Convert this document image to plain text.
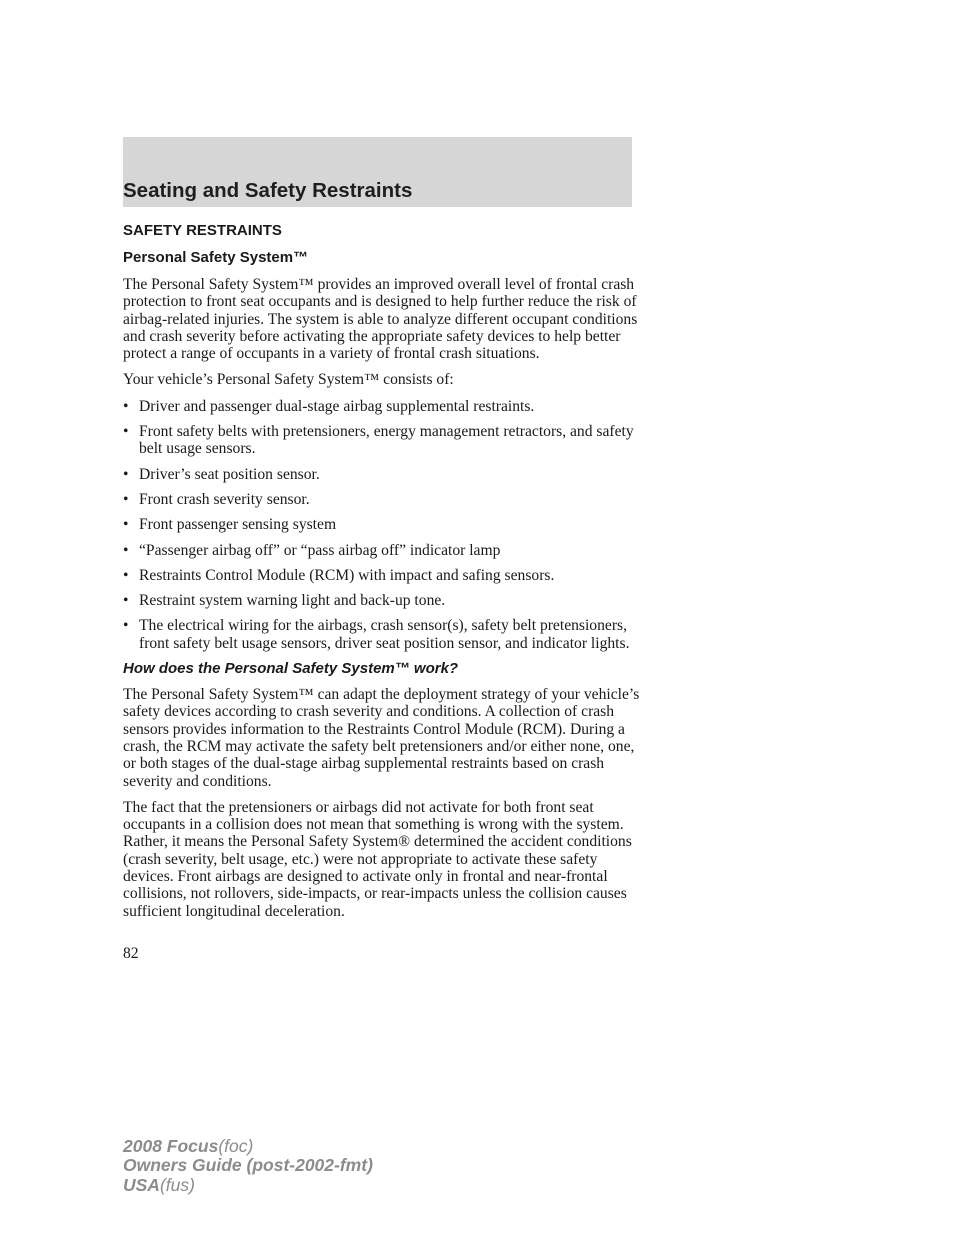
Seating and Safety Restraints
SAFETY RESTRAINTS
Personal Safety System™

The Personal Safety System™ provides an improved overall level of frontal crash protection to front seat occupants and is designed to help further reduce the risk of airbag-related injuries. The system is able to analyze different occupant conditions and crash severity before activating the appropriate safety devices to help better protect a range of occupants in a variety of frontal crash situations.

Your vehicle’s Personal Safety System™ consists of:

• Driver and passenger dual-stage airbag supplemental restraints.
• Front safety belts with pretensioners, energy management retractors, and safety belt usage sensors.
• Driver’s seat position sensor.
• Front crash severity sensor.
• Front passenger sensing system
• “Passenger airbag off” or “pass airbag off” indicator lamp
• Restraints Control Module (RCM) with impact and safing sensors.
• Restraint system warning light and back-up tone.
• The electrical wiring for the airbags, crash sensor(s), safety belt pretensioners, front safety belt usage sensors, driver seat position sensor, and indicator lights.
How does the Personal Safety System™ work?

The Personal Safety System™ can adapt the deployment strategy of your vehicle’s safety devices according to crash severity and conditions. A collection of crash sensors provides information to the Restraints Control Module (RCM). During a crash, the RCM may activate the safety belt pretensioners and/or either none, one, or both stages of the dual-stage airbag supplemental restraints based on crash severity and conditions.

The fact that the pretensioners or airbags did not activate for both front seat occupants in a collision does not mean that something is wrong with the system. Rather, it means the Personal Safety System® determined the accident conditions (crash severity, belt usage, etc.) were not appropriate to activate these safety devices. Front airbags are designed to activate only in frontal and near-frontal collisions, not rollovers, side-impacts, or rear-impacts unless the collision causes sufficient longitudinal deceleration.

82
2008 Focus(foc)
Owners Guide (post-2002-fmt)
USA(fus)
